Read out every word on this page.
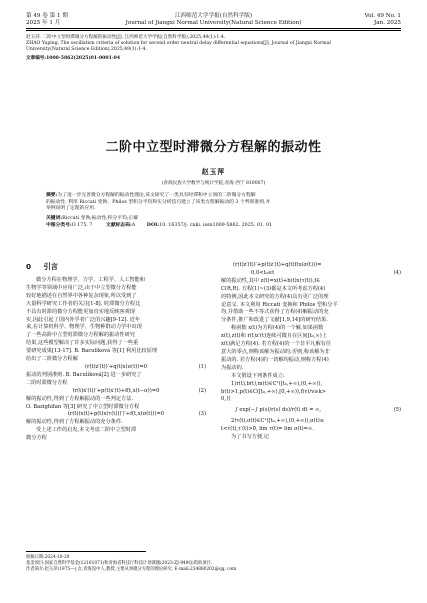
第 49 卷 第 1 期
2025 年 1 月
江西师范大学学报(自然科学版)
Journal of Jiangxi Normal University(Natural Science Edition)
Vol. 49 No. 1
Jan. 2025
赵玉萍. 二阶中立型时滞微分方程解的振动性[J]. 江西师范大学学报(自然科学版),2025,49(1):1-4.
ZHAO Yuping. The oscillation criteria of solution for second order neutral delay differential equations[J]. Journal of Jiangxi Normal
University(Natural Science Edition),2025,49(1):1-4.
文章编号:1000-5862(2025)01-0001-04
二阶中立型时滞微分方程解的振动性
赵玉萍
(青海民族大学数学与统计学院,青海 西宁 810007)
摘要:为了进一步完善微分方程解的振动性理论,该文研究了一类具有时滞和中立项的二阶微分方程解
的振动性. 利用 Riccati 变换、Philos 型积分平均和实分析技巧建立了该类方程解振动的 3 个判别准则,并
举例说明了定理的应用.
关键词:Riccati 变换;振动性;积分平均;正解
中图分类号:O 175. 7	文献标志码:A DOI:10. 16357/j. cnki. issn1000-5862. 2025. 01. 01
0 引言
微分方程在物理学、力学、工程学、人工智能和
生物学等领域中应用广泛,由于中立型微分方程能
较好地描述在自然界中各种复杂现象,所以受到了
大量科学研究工作者的关注[1-8]. 时滞微分方程比
不具有时滞的微分方程能更加直实地反映客观现
实,因此引起了国内外学者广泛的兴趣[9-12]. 近年
来,在计算机科学、物理学、生物种群动力学中出现
了一些高阶中立型时滞微分方程解的振动性研究
结果,这些模型解决了许多实际问题,获得了一些重
要研究成果[13-17]. B. Baculíková 等[1] 利用比较原理
给出了二阶微分方程解
(r(t)z′(t))′+q(t)x(σ(t))=0	(1)
振动的判别准则. B. Baculíková[2] 进一步研究了
二阶时滞微分方程
(r(t)x′(t))′+p(t)x′(t)+f(t,x(t−σ))=0	(2)
解的振动性,得到了方程解振动的一些判定方法.
O. Bazighifan 等[3] 研究了中立型时滞微分方程
(r(t)(x(t)+p(t)x(τ(t)))′)′+f(t,x(σ(t)))=0	(3)
解的振动性,得到了方程解振动的充分条件.
受上述工作的启发,本文考虑二阶中立型时滞
微分方程
(r(t)z′(t))′+p(t)z′(t)+q(t)f(x(σ(t)))=
0,0<t₀≤t	(4)
解的振动性,其中 z(t)=x(t)+b(t)x(τ(t)),f∈
C(R,R). 方程(1)~(3)都是本文所考虑方程(4)
的特例,因此本文研究的方程(4)具有更广泛的理
论意义. 本文利用 Riccati 变换和 Philos 型积分平
均,并借助一些不等式获得了方程(4)解振动的充
分条件,推广和改进了文献[1,9,14]的研究结果.
称函数 x(t)为方程(4)的一个解,如果函数
x(t),z(t)和 r(t)z′(t)连续可微且在区间[t₀,∞)上
x(t)满足方程(4). 若方程(4)的一个非平凡解有任
意大的零点,则称该解为振动的;否则,称该解为非
振动的. 若方程(4)的一切解均振动,则称方程(4)
为振动的.
本文假设下列条件成立:
1)r(t),b(t),m(t)∈C¹([t₀,+∞),(0,+∞)),
b(t)>1,p(t)∈C([t₀,+∞),[0,+∞)),f(v)/v≥k>
0,且
∫ exp(−∫ p(s)/r(s) ds)/r(t) dt = ∞,	(5)
2)τ(t),σ(t)∈C¹([t₀,+∞),(0,+∞)),σ(t)≤
t<τ(t),τ′(t)>0, lim τ(t)= lim σ(t)=∞.
为了书写方便,记
收稿日期:2024-10-20
基金项目:国家自然科学基金(12161071)和青海省科技厅科技计划课题(2023-ZJ-949Q)资助项目.
作者简介:赵玉萍(1975—),女,青海湟中人,教授,主要从事微分方程的理论研究. E-mail:234880202@qq. com
